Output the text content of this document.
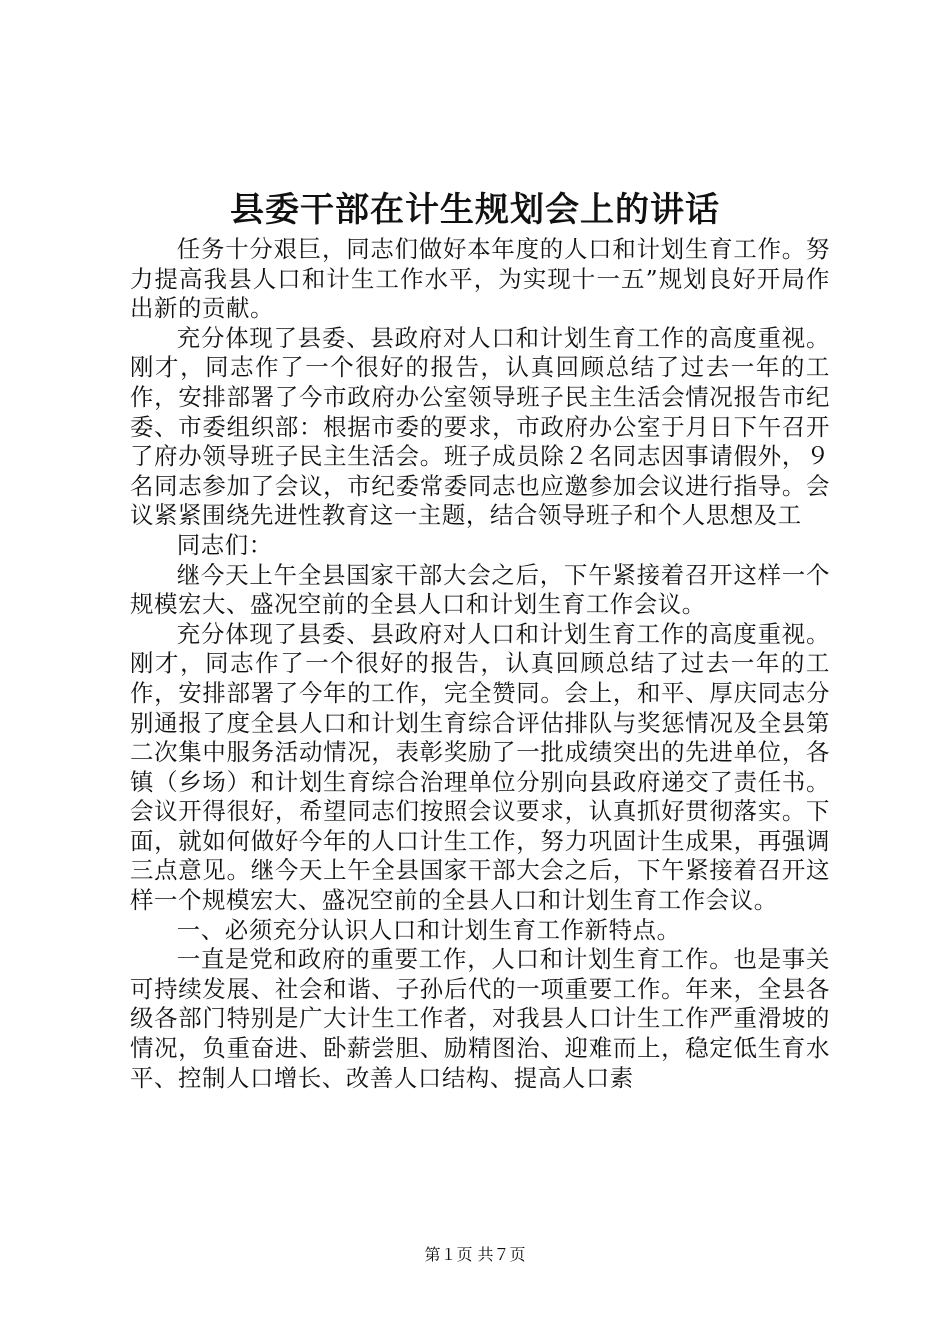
县委干部在计生规划会上的讲话

任务十分艰巨，同志们做好本年度的人口和计划生育工作。努力提高我县人口和计生工作水平，为实现十一五”规划良好开局作出新的贡献。

充分体现了县委、县政府对人口和计划生育工作的高度重视。刚才，同志作了一个很好的报告，认真回顾总结了过去一年的工作，安排部署了今市政府办公室领导班子民主生活会情况报告市纪委、市委组织部：根据市委的要求，市政府办公室于月日下午召开了府办领导班子民主生活会。班子成员除２名同志因事请假外，９名同志参加了会议，市纪委常委同志也应邀参加会议进行指导。会议紧紧围绕先进性教育这一主题，结合领导班子和个人思想及工

同志们：

继今天上午全县国家干部大会之后，下午紧接着召开这样一个规模宏大、盛况空前的全县人口和计划生育工作会议。

充分体现了县委、县政府对人口和计划生育工作的高度重视。刚才，同志作了一个很好的报告，认真回顾总结了过去一年的工作，安排部署了今年的工作，完全赞同。会上，和平、厚庆同志分别通报了度全县人口和计划生育综合评估排队与奖惩情况及全县第二次集中服务活动情况，表彰奖励了一批成绩突出的先进单位，各镇（乡场）和计划生育综合治理单位分别向县政府递交了责任书。会议开得很好，希望同志们按照会议要求，认真抓好贯彻落实。下面，就如何做好今年的人口计生工作，努力巩固计生成果，再强调三点意见。继今天上午全县国家干部大会之后，下午紧接着召开这样一个规模宏大、盛况空前的全县人口和计划生育工作会议。

一、必须充分认识人口和计划生育工作新特点。

一直是党和政府的重要工作，人口和计划生育工作。也是事关可持续发展、社会和谐、子孙后代的一项重要工作。年来，全县各级各部门特别是广大计生工作者，对我县人口计生工作严重滑坡的情况，负重奋进、卧薪尝胆、励精图治、迎难而上，稳定低生育水平、控制人口增长、改善人口结构、提高人口素

第１页 共７页
